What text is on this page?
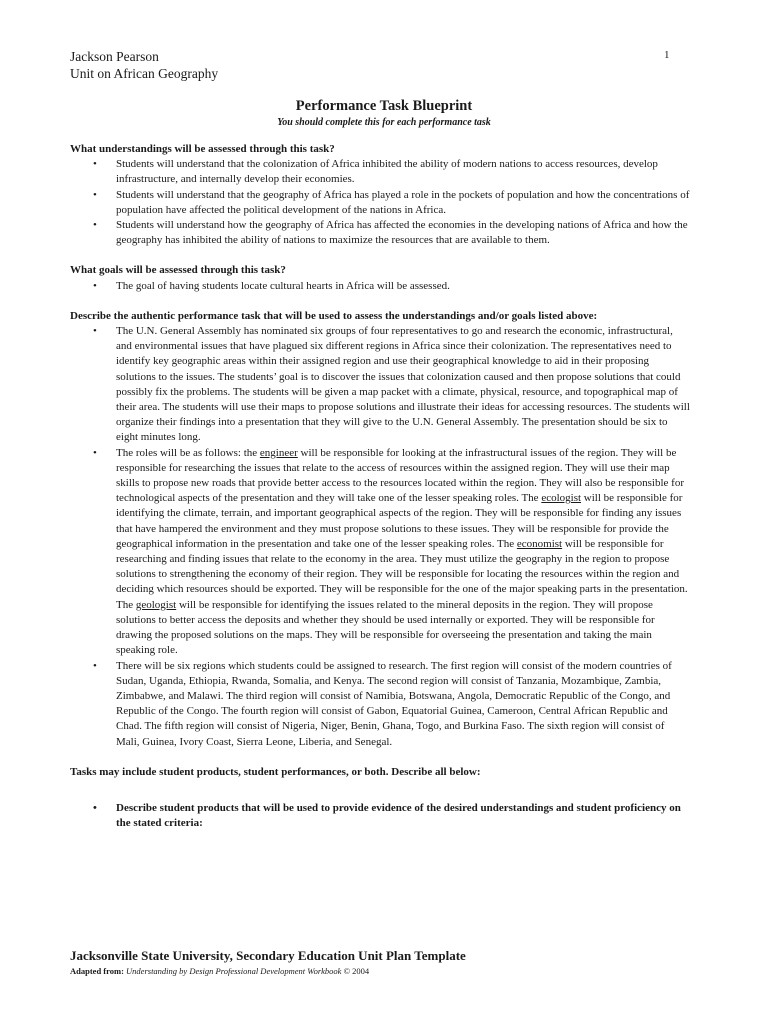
Jackson Pearson
Unit on African Geography
1
Performance Task Blueprint
You should complete this for each performance task

What understandings will be assessed through this task?

• Students will understand that the colonization of Africa inhibited the ability of modern nations to access resources, develop infrastructure, and internally develop their economies.
• Students will understand that the geography of Africa has played a role in the pockets of population and how the concentrations of population have affected the political development of the nations in Africa.
• Students will understand how the geography of Africa has affected the economies in the developing nations of Africa and how the geography has inhibited the ability of nations to maximize the resources that are available to them.

What goals will be assessed through this task?

• The goal of having students locate cultural hearts in Africa will be assessed.

Describe the authentic performance task that will be used to assess the understandings and/or goals listed above:

• The U.N. General Assembly has nominated six groups of four representatives to go and research the economic, infrastructural, and environmental issues that have plagued six different regions in Africa since their colonization. The representatives need to identify key geographic areas within their assigned region and use their geographical knowledge to aid in their proposing solutions to the issues. The students’ goal is to discover the issues that colonization caused and then propose solutions that could possibly fix the problems. The students will be given a map packet with a climate, physical, resource, and topographical map of their area. The students will use their maps to propose solutions and illustrate their ideas for accessing resources. The students will organize their findings into a presentation that they will give to the U.N. General Assembly. The presentation should be six to eight minutes long.
• The roles will be as follows: the engineer will be responsible for looking at the infrastructural issues of the region. They will be responsible for researching the issues that relate to the access of resources within the assigned region. They will use their map skills to propose new roads that provide better access to the resources located within the region. They will also be responsible for technological aspects of the presentation and they will take one of the lesser speaking roles. The ecologist will be responsible for identifying the climate, terrain, and important geographical aspects of the region. They will be responsible for finding any issues that have hampered the environment and they must propose solutions to these issues. They will be responsible for provide the geographical information in the presentation and take one of the lesser speaking roles. The economist will be responsible for researching and finding issues that relate to the economy in the area. They must utilize the geography in the region to propose solutions to strengthening the economy of their region. They will be responsible for locating the resources within the region and deciding which resources should be exported. They will be responsible for the one of the major speaking parts in the presentation. The geologist will be responsible for identifying the issues related to the mineral deposits in the region. They will propose solutions to better access the deposits and whether they should be used internally or exported. They will be responsible for drawing the proposed solutions on the maps. They will be responsible for overseeing the presentation and taking the main speaking role.
• There will be six regions which students could be assigned to research. The first region will consist of the modern countries of Sudan, Uganda, Ethiopia, Rwanda, Somalia, and Kenya. The second region will consist of Tanzania, Mozambique, Zambia, Zimbabwe, and Malawi. The third region will consist of Namibia, Botswana, Angola, Democratic Republic of the Congo, and Republic of the Congo. The fourth region will consist of Gabon, Equatorial Guinea, Cameroon, Central African Republic and Chad. The fifth region will consist of Nigeria, Niger, Benin, Ghana, Togo, and Burkina Faso. The sixth region will consist of Mali, Guinea, Ivory Coast, Sierra Leone, Liberia, and Senegal.

Tasks may include student products, student performances, or both. Describe all below:

• Describe student products that will be used to provide evidence of the desired understandings and student proficiency on the stated criteria:
Jacksonville State University, Secondary Education Unit Plan Template
Adapted from: Understanding by Design Professional Development Workbook © 2004
